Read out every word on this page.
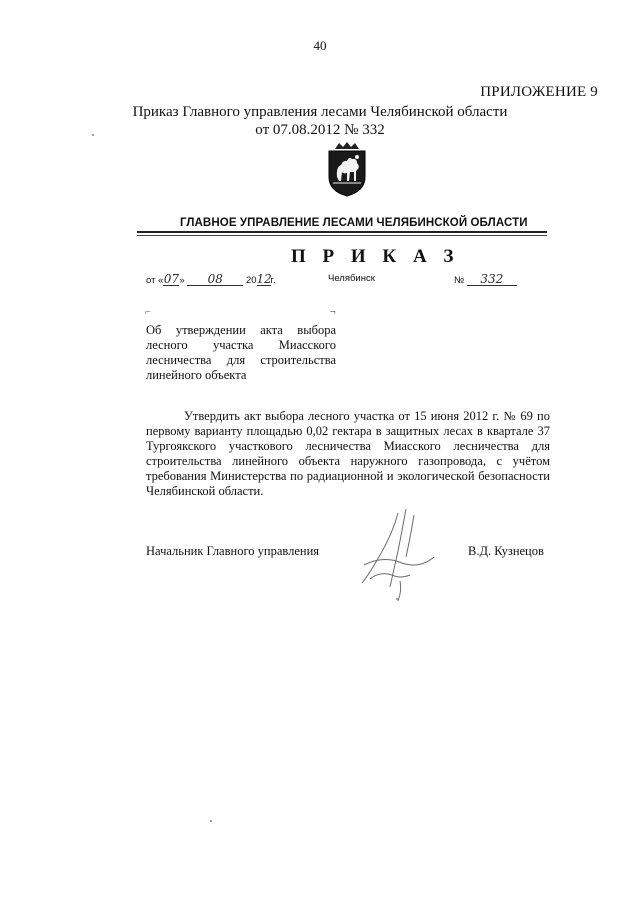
40
ПРИЛОЖЕНИЕ 9
Приказ Главного управления лесами Челябинской области
от 07.08.2012 № 332
ГЛАВНОЕ УПРАВЛЕНИЕ ЛЕСАМИ ЧЕЛЯБИНСКОЙ ОБЛАСТИ
П Р И К А З
от «07» 08 2012г.	Челябинск	№ 332
⌐	¬
Об утверждении акта выбора лесного участка Миасского лесничества для строительства линейного объекта
Утвердить акт выбора лесного участка от 15 июня 2012 г. № 69 по первому варианту площадью 0,02 гектара в защитных лесах в квартале 37 Тургоякского участкового лесничества Миасского лесничества для строительства линейного объекта наружного газопровода, с учётом требования Министерства по радиационной и экологической безопасности Челябинской области.
Начальник Главного управления	В.Д. Кузнецов
